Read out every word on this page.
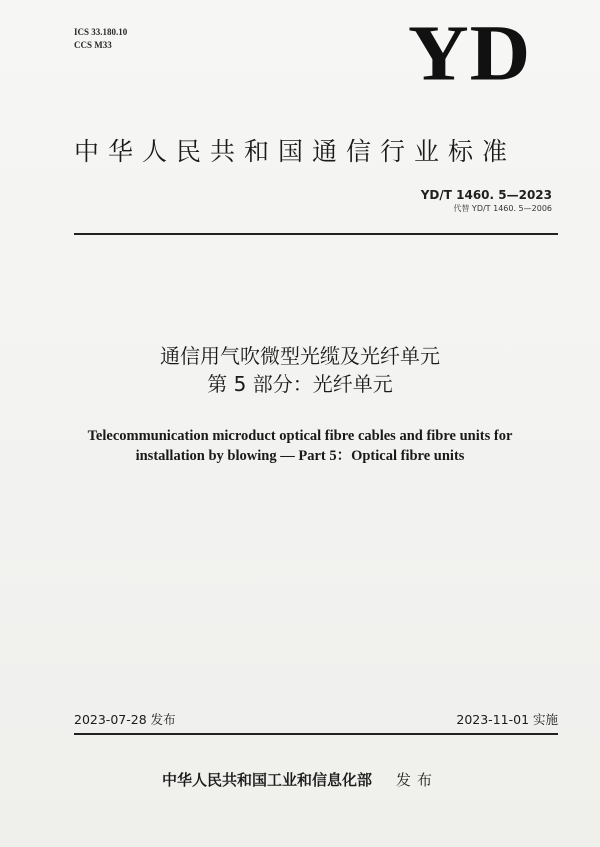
ICS 33.180.10
CCS M33	YD
中华人民共和国通信行业标准
YD/T 1460. 5—2023
代替 YD/T 1460. 5—2006
通信用气吹微型光缆及光纤单元
第 5 部分：光纤单元
Telecommunication microduct optical fibre cables and fibre units for
installation by blowing — Part 5：Optical fibre units
2023-07-28 发布	2023-11-01 实施
中华人民共和国工业和信息化部 发布
